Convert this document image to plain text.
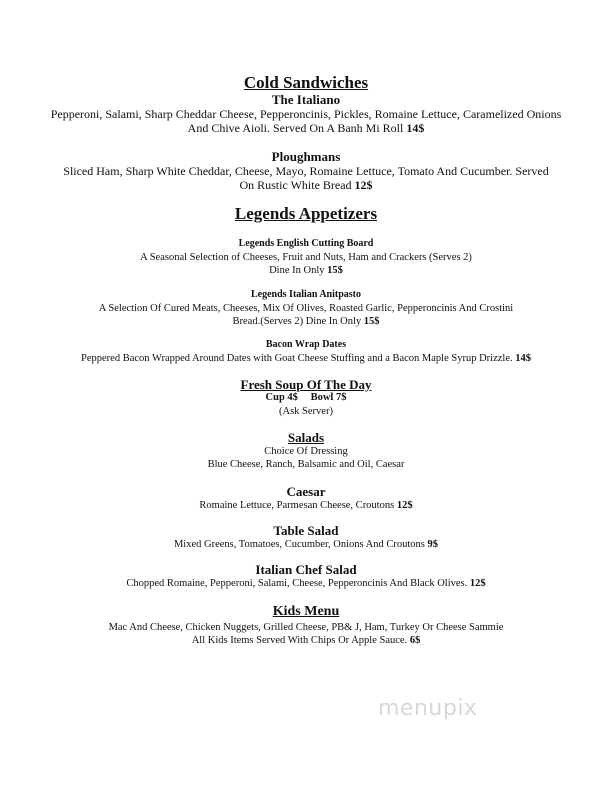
Cold Sandwiches
The Italiano
Pepperoni, Salami, Sharp Cheddar Cheese, Pepperoncinis, Pickles, Romaine Lettuce, Caramelized Onions
And Chive Aioli. Served On A Banh Mi Roll 14$
Ploughmans
Sliced Ham, Sharp White Cheddar, Cheese, Mayo, Romaine Lettuce, Tomato And Cucumber. Served
On Rustic White Bread 12$
Legends Appetizers
Legends English Cutting Board
A Seasonal Selection of Cheeses, Fruit and Nuts, Ham and Crackers (Serves 2)
Dine In Only 15$
Legends Italian Anitpasto
A Selection Of Cured Meats, Cheeses, Mix Of Olives, Roasted Garlic, Pepperoncinis And Crostini
Bread.(Serves 2) Dine In Only 15$
Bacon Wrap Dates
Peppered Bacon Wrapped Around Dates with Goat Cheese Stuffing and a Bacon Maple Syrup Drizzle. 14$
Fresh Soup Of The Day
Cup 4$ Bowl 7$
(Ask Server)
Salads
Choice Of Dressing
Blue Cheese, Ranch, Balsamic and Oil, Caesar
Caesar
Romaine Lettuce, Parmesan Cheese, Croutons 12$
Table Salad
Mixed Greens, Tomatoes, Cucumber, Onions And Croutons 9$
Italian Chef Salad
Chopped Romaine, Pepperoni, Salami, Cheese, Pepperoncinis And Black Olives. 12$
Kids Menu
Mac And Cheese, Chicken Nuggets, Grilled Cheese, PB& J, Ham, Turkey Or Cheese Sammie
All Kids Items Served With Chips Or Apple Sauce. 6$
menupix
